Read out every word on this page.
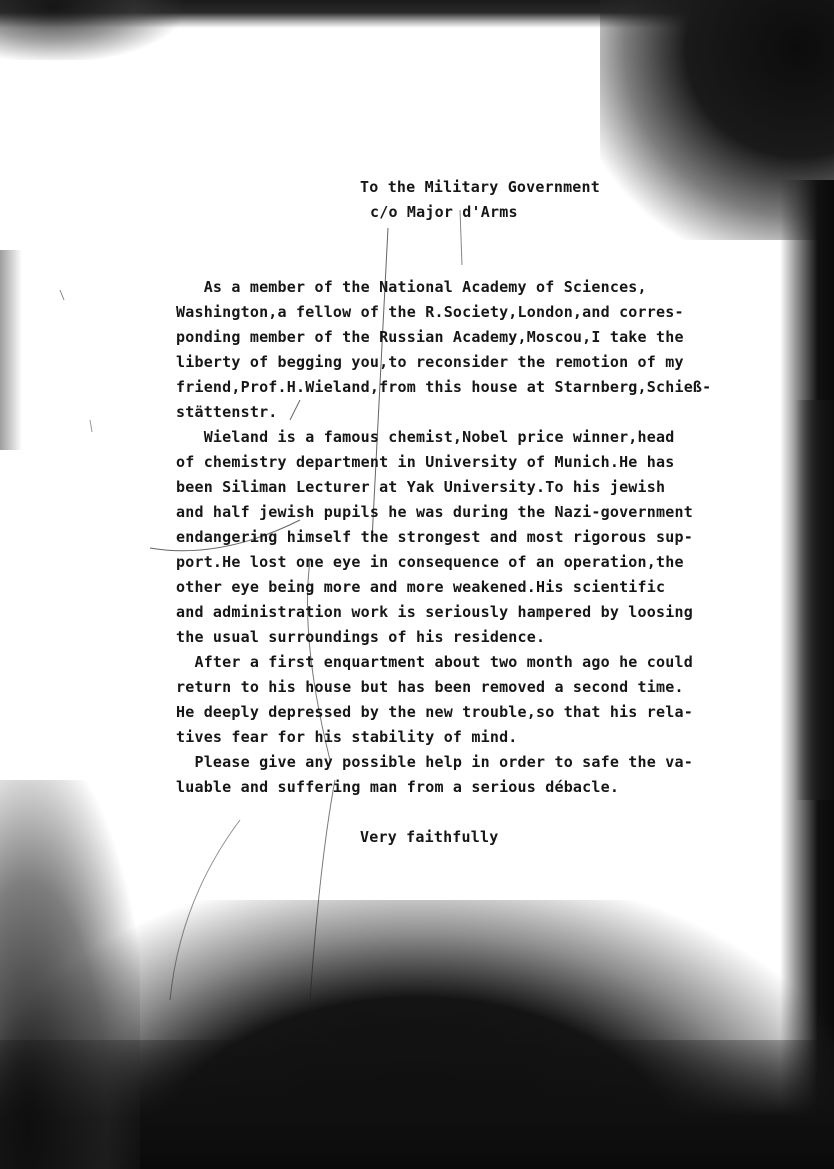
To the Military Government
c/o Major d'Arms
As a member of the National Academy of Sciences,
Washington,a fellow of the R.Society,London,and corres-
ponding member of the Russian Academy,Moscou,I take the
liberty of begging you,to reconsider the remotion of my
friend,Prof.H.Wieland,from this house at Starnberg,Schieß-
stättenstr.
Wieland is a famous chemist,Nobel price winner,head
of chemistry department in University of Munich.He has
been Siliman Lecturer at Yak University.To his jewish
and half jewish pupils he was during the Nazi-government
endangering himself the strongest and most rigorous sup-
port.He lost one eye in consequence of an operation,the
other eye being more and more weakened.His scientific
and administration work is seriously hampered by loosing
the usual surroundings of his residence.
After a first enquartment about two month ago he could
return to his house but has been removed a second time.
He deeply depressed by the new trouble,so that his rela-
tives fear for his stability of mind.
Please give any possible help in order to safe the va-
luable and suffering man from a serious débacle.
Very faithfully
